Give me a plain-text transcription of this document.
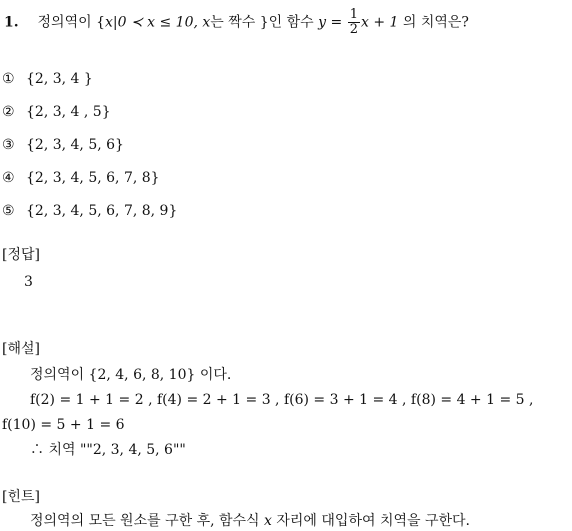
1. 정의역이 {x|0 ≺ x ≤ 10, x는 짝수 }인 함수 $y = \frac{1}{2}$ x + 1 의 치역은?
① {2, 3, 4 }
② {2, 3, 4 , 5}
③ {2, 3, 4, 5, 6}
④ {2, 3, 4, 5, 6, 7, 8}
⑤ {2, 3, 4, 5, 6, 7, 8, 9}
[정답]
3
[해설]
정의역이 {2, 4, 6, 8, 10} 이다.
f(2) = 1 + 1 = 2 , f(4) = 2 + 1 = 3 , f(6) = 3 + 1 = 4 , f(8) = 4 + 1 = 5 ,
f(10) = 5 + 1 = 6
∴ 치역 ""2, 3, 4, 5, 6""
[힌트]
정의역의 모든 원소를 구한 후, 함수식 x 자리에 대입하여 치역을 구한다.
